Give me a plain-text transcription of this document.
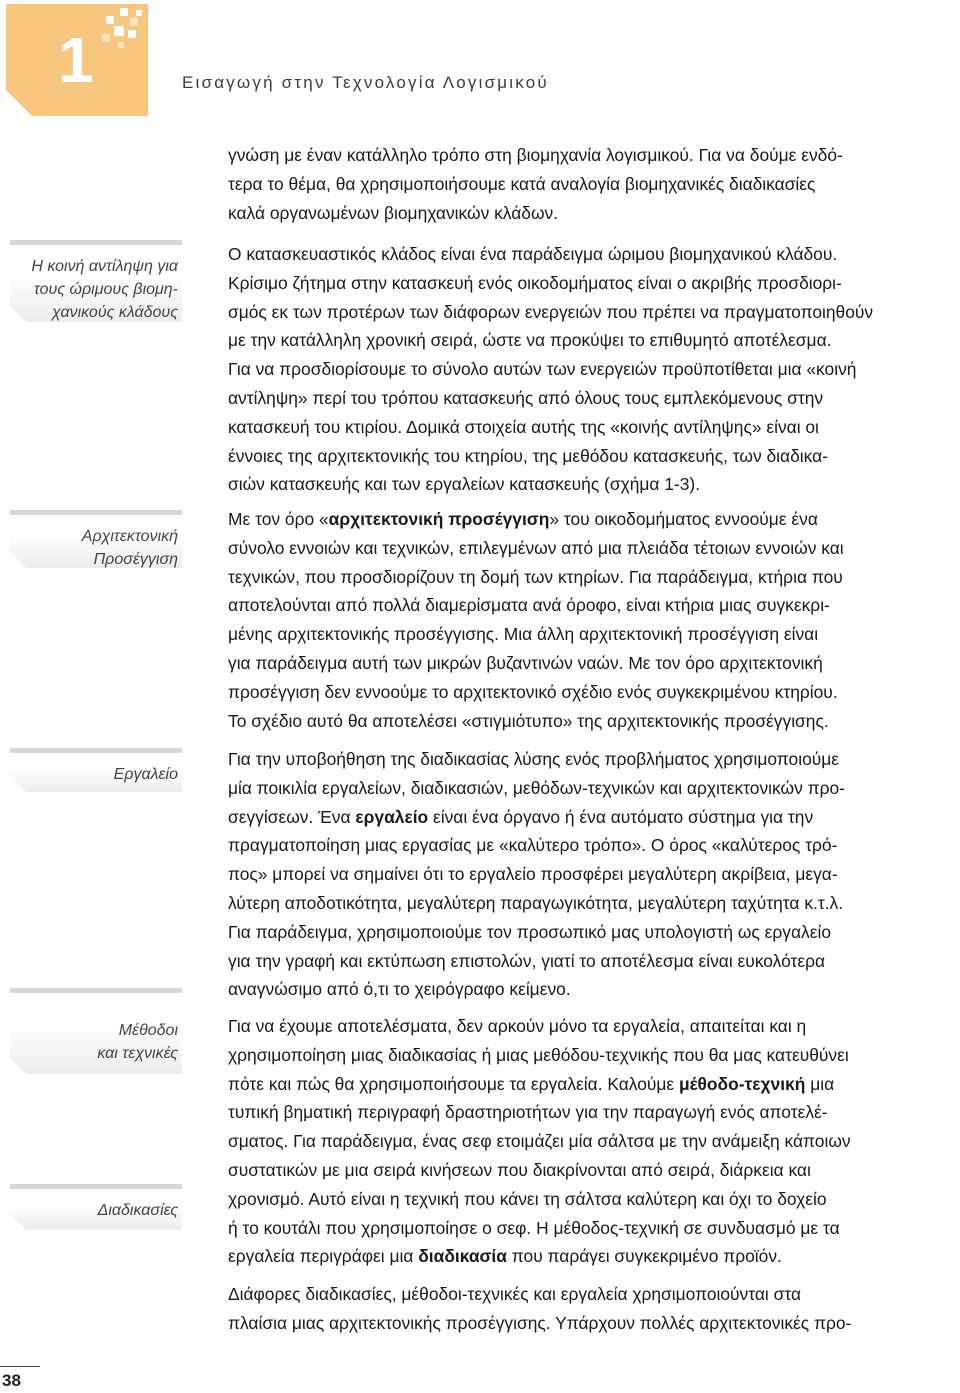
1	Εισαγωγή στην Τεχνολογία Λογισμικού
Η κοινή αντίληψη για
τους ώριμους βιομη-
χανικούς κλάδους
Αρχιτεκτονική
Προσέγγιση
Εργαλείο
Μέθοδοι
και τεχνικές
Διαδικασίες
γνώση με έναν κατάλληλο τρόπο στη βιομηχανία λογισμικού. Για να δούμε ενδό-
τερα το θέμα, θα χρησιμοποιήσουμε κατά αναλογία βιομηχανικές διαδικασίες
καλά οργανωμένων βιομηχανικών κλάδων.
Ο κατασκευαστικός κλάδος είναι ένα παράδειγμα ώριμου βιομηχανικού κλάδου.
Κρίσιμο ζήτημα στην κατασκευή ενός οικοδομήματος είναι ο ακριβής προσδιορι-
σμός εκ των προτέρων των διάφορων ενεργειών που πρέπει να πραγματοποιηθούν
με την κατάλληλη χρονική σειρά, ώστε να προκύψει το επιθυμητό αποτέλεσμα.
Για να προσδιορίσουμε το σύνολο αυτών των ενεργειών προϋποτίθεται μια «κοινή
αντίληψη» περί του τρόπου κατασκευής από όλους τους εμπλεκόμενους στην
κατασκευή του κτιρίου. Δομικά στοιχεία αυτής της «κοινής αντίληψης» είναι οι
έννοιες της αρχιτεκτονικής του κτηρίου, της μεθόδου κατασκευής, των διαδικα-
σιών κατασκευής και των εργαλείων κατασκευής (σχήμα 1-3).
Με τον όρο «αρχιτεκτονική προσέγγιση» του οικοδομήματος εννοούμε ένα
σύνολο εννοιών και τεχνικών, επιλεγμένων από μια πλειάδα τέτοιων εννοιών και
τεχνικών, που προσδιορίζουν τη δομή των κτηρίων. Για παράδειγμα, κτήρια που
αποτελούνται από πολλά διαμερίσματα ανά όροφο, είναι κτήρια μιας συγκεκρι-
μένης αρχιτεκτονικής προσέγγισης. Μια άλλη αρχιτεκτονική προσέγγιση είναι
για παράδειγμα αυτή των μικρών βυζαντινών ναών. Με τον όρο αρχιτεκτονική
προσέγγιση δεν εννοούμε το αρχιτεκτονικό σχέδιο ενός συγκεκριμένου κτηρίου.
Το σχέδιο αυτό θα αποτελέσει «στιγμιότυπο» της αρχιτεκτονικής προσέγγισης.
Για την υποβοήθηση της διαδικασίας λύσης ενός προβλήματος χρησιμοποιούμε
μία ποικιλία εργαλείων, διαδικασιών, μεθόδων-τεχνικών και αρχιτεκτονικών προ-
σεγγίσεων. Ένα εργαλείο είναι ένα όργανο ή ένα αυτόματο σύστημα για την
πραγματοποίηση μιας εργασίας με «καλύτερο τρόπο». Ο όρος «καλύτερος τρό-
πος» μπορεί να σημαίνει ότι το εργαλείο προσφέρει μεγαλύτερη ακρίβεια, μεγα-
λύτερη αποδοτικότητα, μεγαλύτερη παραγωγικότητα, μεγαλύτερη ταχύτητα κ.τ.λ.
Για παράδειγμα, χρησιμοποιούμε τον προσωπικό μας υπολογιστή ως εργαλείο
για την γραφή και εκτύπωση επιστολών, γιατί το αποτέλεσμα είναι ευκολότερα
αναγνώσιμο από ό,τι το χειρόγραφο κείμενο.
Για να έχουμε αποτελέσματα, δεν αρκούν μόνο τα εργαλεία, απαιτείται και η
χρησιμοποίηση μιας διαδικασίας ή μιας μεθόδου-τεχνικής που θα μας κατευθύνει
πότε και πώς θα χρησιμοποιήσουμε τα εργαλεία. Καλούμε μέθοδο-τεχνική μια
τυπική βηματική περιγραφή δραστηριοτήτων για την παραγωγή ενός αποτελέ-
σματος. Για παράδειγμα, ένας σεφ ετοιμάζει μία σάλτσα με την ανάμειξη κάποιων
συστατικών με μια σειρά κινήσεων που διακρίνονται από σειρά, διάρκεια και
χρονισμό. Αυτό είναι η τεχνική που κάνει τη σάλτσα καλύτερη και όχι το δοχείο
ή το κουτάλι που χρησιμοποίησε ο σεφ. Η μέθοδος-τεχνική σε συνδυασμό με τα
εργαλεία περιγράφει μια διαδικασία που παράγει συγκεκριμένο προϊόν.
Διάφορες διαδικασίες, μέθοδοι-τεχνικές και εργαλεία χρησιμοποιούνται στα
πλαίσια μιας αρχιτεκτονικής προσέγγισης. Υπάρχουν πολλές αρχιτεκτονικές προ-
38
